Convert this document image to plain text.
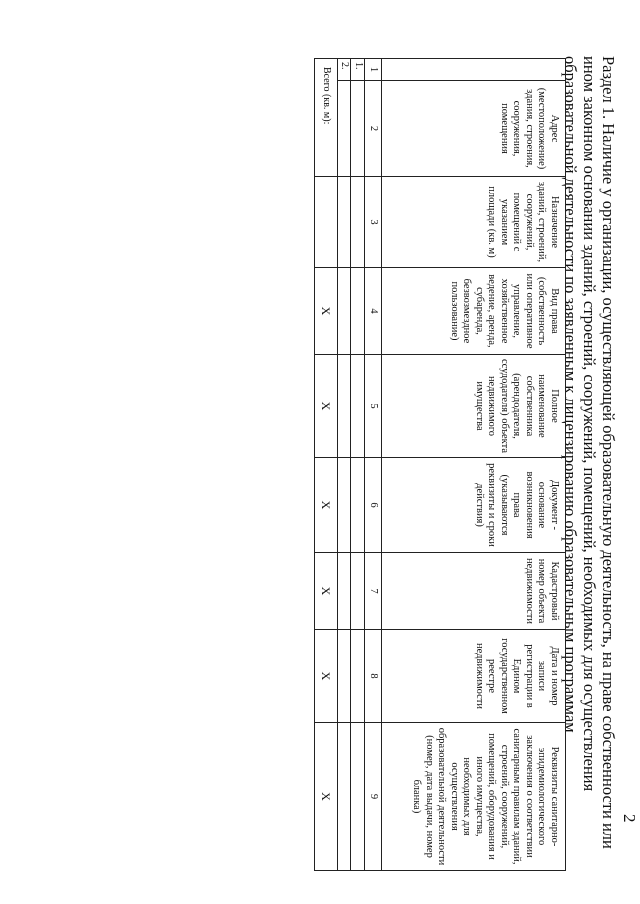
2
Раздел 1. Наличие у организации, осуществляющей образовательную деятельность, на праве собственности или ином законном основании зданий, строений, сооружений, помещений, необходимых для осуществления образовательной деятельности по заявленным к лицензированию образовательным программам
	Адрес (местоположение) здания, строения, сооружения, помещения	Назначение зданий, строений, сооружений, помещений с указанием площади (кв. м)	Вид права (собственность или оперативное управление, хозяйственное ведение, аренда, субаренда, безвозмездное пользование)	Полное наименование собственника (арендодателя, ссудодателя) объекта недвижимого имущества	Документ - основание возникновения права (указываются реквизиты и сроки действия)	Кадастровый номер объекта недвижимости	Дата и номер записи регистрации в Едином государственном реестре недвижимости	Реквизиты санитарно-эпидемиологического заключения о соответствии санитарным правилам зданий, строений, сооружений, помещений, оборудования и иного имущества, необходимых для осуществления образовательной деятельности (номер, дата выдачи, номер бланка)
1	2	3	4	5	6	7	8	9
1.								
2.								
Всего (кв. м):			Х	Х	Х	Х	Х	Х
